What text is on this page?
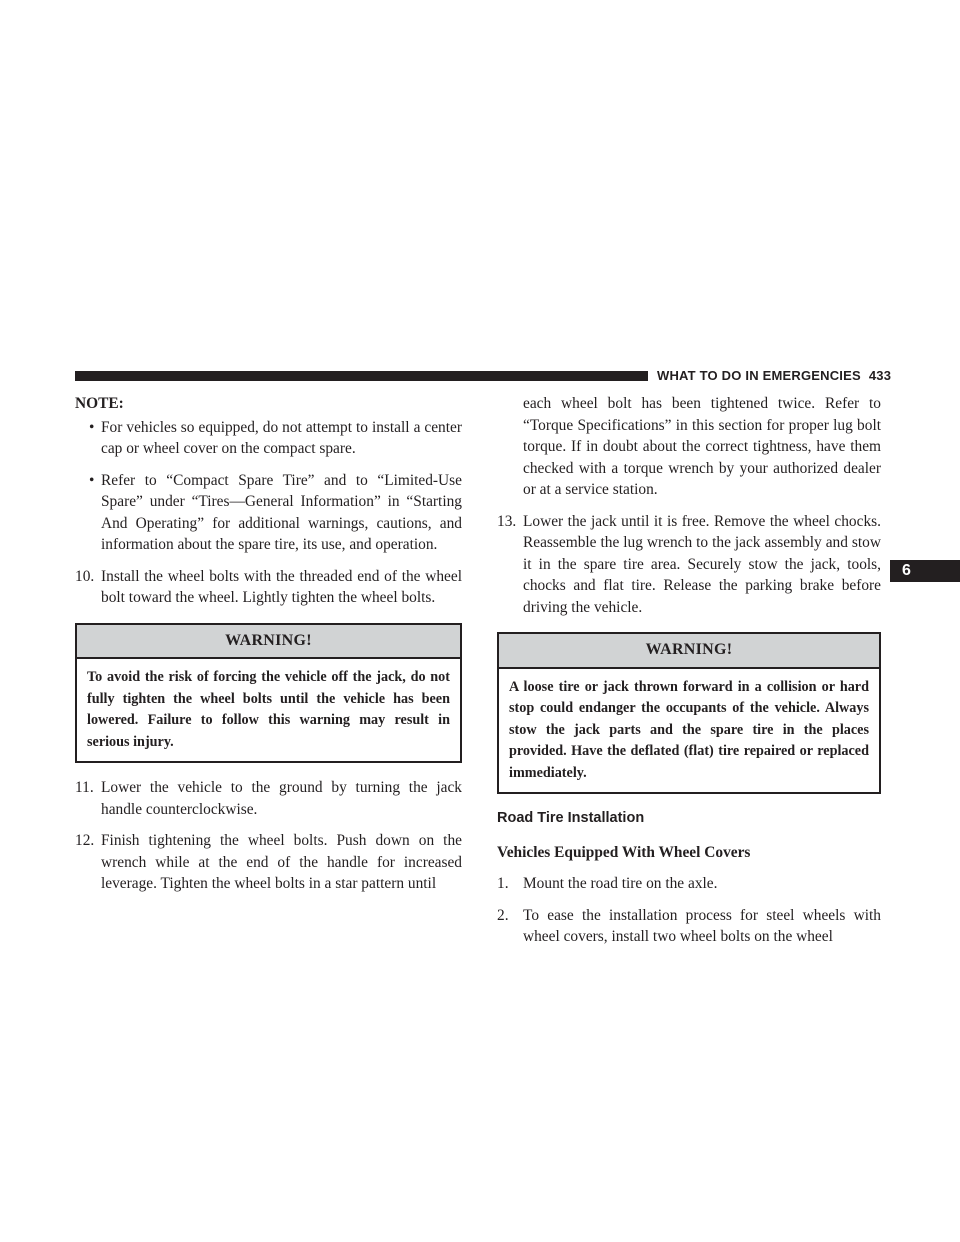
WHAT TO DO IN EMERGENCIES 433
6

NOTE:

• For vehicles so equipped, do not attempt to install a center cap or wheel cover on the compact spare.

• Refer to “Compact Spare Tire” and to “Limited-Use Spare” under “Tires—General Information” in “Starting And Operating” for additional warnings, cautions, and information about the spare tire, its use, and operation.

10. Install the wheel bolts with the threaded end of the wheel bolt toward the wheel. Lightly tighten the wheel bolts.

WARNING!
To avoid the risk of forcing the vehicle off the jack, do not fully tighten the wheel bolts until the vehicle has been lowered. Failure to follow this warning may result in serious injury.
11. Lower the vehicle to the ground by turning the jack handle counterclockwise.

12. Finish tightening the wheel bolts. Push down on the wrench while at the end of the handle for increased leverage. Tighten the wheel bolts in a star pattern until

each wheel bolt has been tightened twice. Refer to “Torque Specifications” in this section for proper lug bolt torque. If in doubt about the correct tightness, have them checked with a torque wrench by your authorized dealer or at a service station.

13. Lower the jack until it is free. Remove the wheel chocks. Reassemble the lug wrench to the jack assembly and stow it in the spare tire area. Securely stow the jack, tools, chocks and flat tire. Release the parking brake before driving the vehicle.

WARNING!
A loose tire or jack thrown forward in a collision or hard stop could endanger the occupants of the vehicle. Always stow the jack parts and the spare tire in the places provided. Have the deflated (flat) tire repaired or replaced immediately.

Road Tire Installation

Vehicles Equipped With Wheel Covers

1. Mount the road tire on the axle.

2. To ease the installation process for steel wheels with wheel covers, install two wheel bolts on the wheel
